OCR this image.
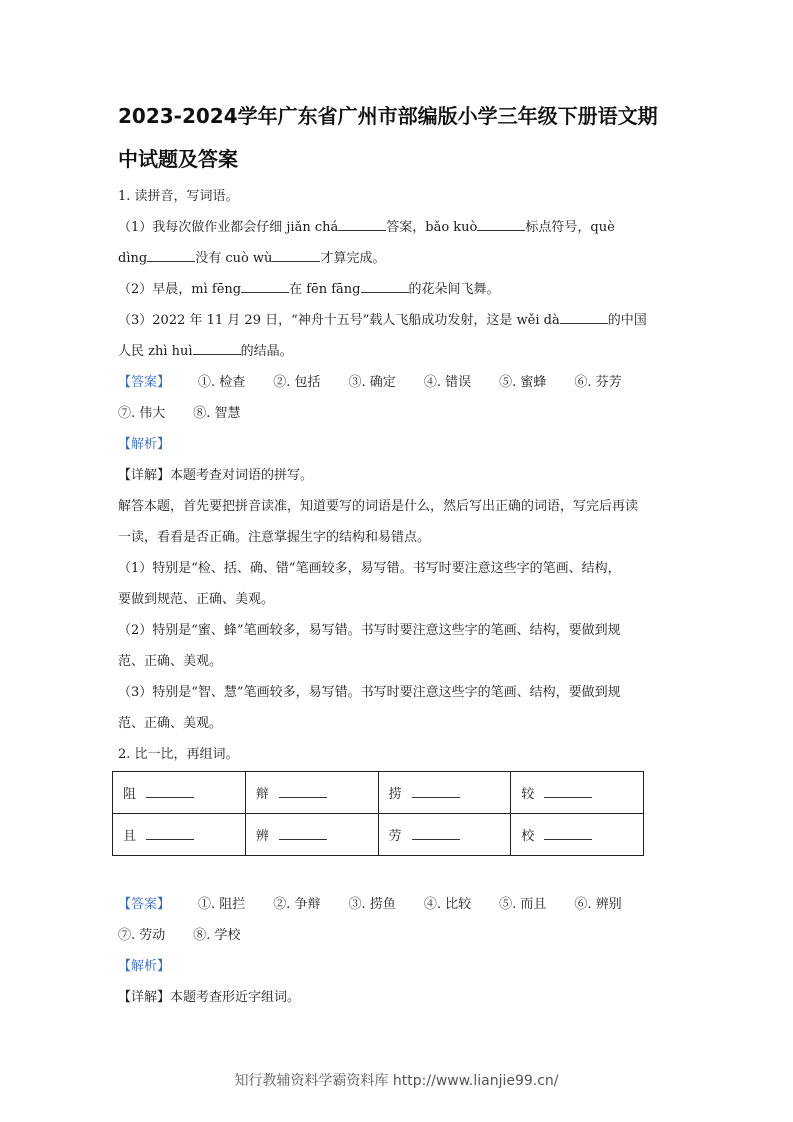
2023-2024学年广东省广州市部编版小学三年级下册语文期
中试题及答案
1. 读拼音，写词语。
（1）我每次做作业都会仔细 jiǎn chá	答案，bǎo kuò	标点符号，què
dìng	没有 cuò wù	才算完成。
（2）早晨，mì fēng	在 fēn fāng	的花朵间飞舞。
（3）2022 年 11 月 29 日，“神舟十五号”载人飞船成功发射，这是 wěi dà	的中国
人民 zhì huì	的结晶。
【答案】 ①. 检查 ②. 包括 ③. 确定 ④. 错误 ⑤. 蜜蜂 ⑥. 芬芳
⑦. 伟大 ⑧. 智慧
【解析】
【详解】本题考查对词语的拼写。
解答本题，首先要把拼音读准，知道要写的词语是什么，然后写出正确的词语，写完后再读
一读，看看是否正确。注意掌握生字的结构和易错点。
（1）特别是“检、括、确、错”笔画较多，易写错。书写时要注意这些字的笔画、结构，
要做到规范、正确、美观。
（2）特别是“蜜、蜂”笔画较多，易写错。书写时要注意这些字的笔画、结构，要做到规
范、正确、美观。
（3）特别是“智、慧”笔画较多，易写错。书写时要注意这些字的笔画、结构，要做到规
范、正确、美观。
2. 比一比，再组词。
阻	辩	捞	较
且	辨	劳	校
【答案】 ①. 阻拦 ②. 争辩 ③. 捞鱼 ④. 比较 ⑤. 而且 ⑥. 辨别
⑦. 劳动 ⑧. 学校
【解析】
【详解】本题考查形近字组词。
知行教辅资料学霸资料库 http://www.lianjie99.cn/
